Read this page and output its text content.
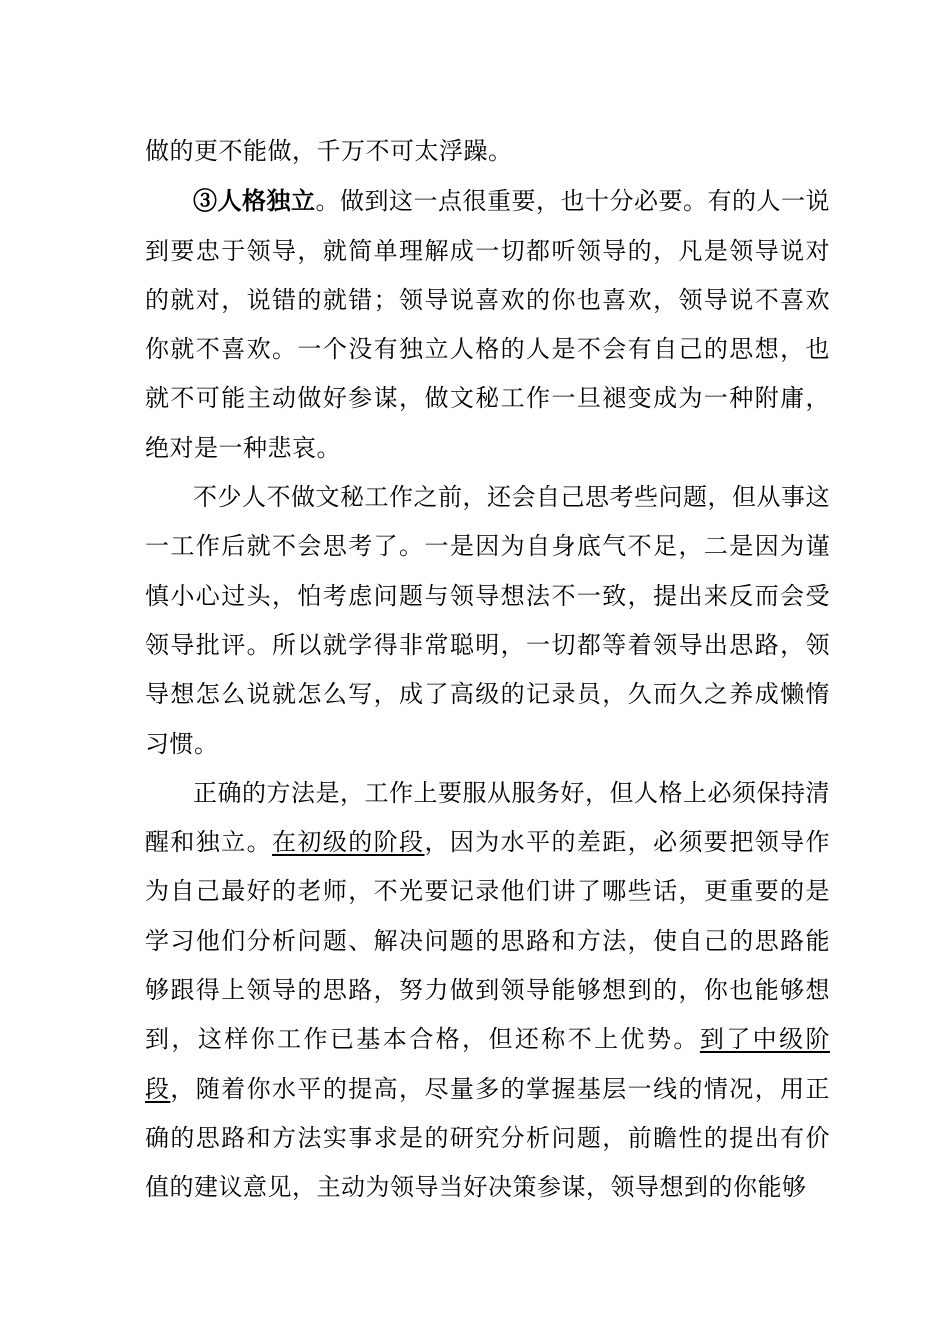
做的更不能做，千万不可太浮躁。

③人格独立。做到这一点很重要，也十分必要。有的人一说到要忠于领导，就简单理解成一切都听领导的，凡是领导说对的就对，说错的就错；领导说喜欢的你也喜欢，领导说不喜欢你就不喜欢。一个没有独立人格的人是不会有自己的思想，也就不可能主动做好参谋，做文秘工作一旦褪变成为一种附庸，绝对是一种悲哀。

不少人不做文秘工作之前，还会自己思考些问题，但从事这一工作后就不会思考了。一是因为自身底气不足，二是因为谨慎小心过头，怕考虑问题与领导想法不一致，提出来反而会受领导批评。所以就学得非常聪明，一切都等着领导出思路，领导想怎么说就怎么写，成了高级的记录员，久而久之养成懒惰习惯。

正确的方法是，工作上要服从服务好，但人格上必须保持清醒和独立。在初级的阶段，因为水平的差距，必须要把领导作为自己最好的老师，不光要记录他们讲了哪些话，更重要的是学习他们分析问题、解决问题的思路和方法，使自己的思路能够跟得上领导的思路，努力做到领导能够想到的，你也能够想到，这样你工作已基本合格，但还称不上优势。到了中级阶段，随着你水平的提高，尽量多的掌握基层一线的情况，用正确的思路和方法实事求是的研究分析问题，前瞻性的提出有价值的建议意见，主动为领导当好决策参谋，领导想到的你能够
